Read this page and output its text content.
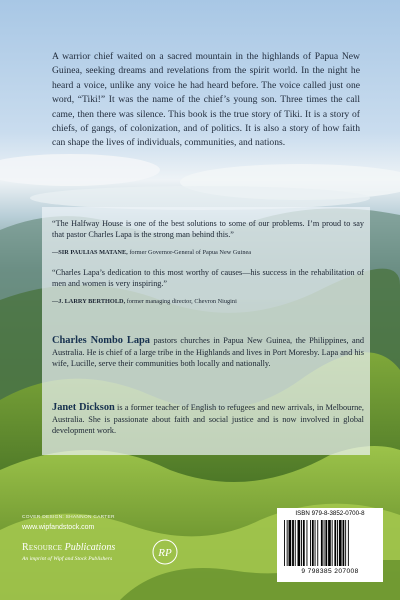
A warrior chief waited on a sacred mountain in the highlands of Papua New Guinea, seeking dreams and revelations from the spirit world. In the night he heard a voice, unlike any voice he had heard before. The voice called just one word, “Tiki!” It was the name of the chief’s young son. Three times the call came, then there was silence. This book is the true story of Tiki. It is a story of chiefs, of gangs, of colonization, and of politics. It is also a story of how faith can shape the lives of individuals, communities, and nations.

“The Halfway House is one of the best solutions to some of our problems. I’m proud to say that pastor Charles Lapa is the strong man behind this.”

—SIR PAULIAS MATANE, former Governor-General of Papua New Guinea

“Charles Lapa’s dedication to this most worthy of causes—his success in the rehabilitation of men and women is very inspiring.”

—J. LARRY BERTHOLD, former managing director, Chevron Niugini

Charles Nombo Lapa pastors churches in Papua New Guinea, the Philippines, and Australia. He is chief of a large tribe in the Highlands and lives in Port Moresby. Lapa and his wife, Lucille, serve their communities both locally and nationally.

Janet Dickson is a former teacher of English to refugees and new arrivals, in Melbourne, Australia. She is passionate about faith and social justice and is now involved in global development work.

COVER DESIGN: SHANNON CARTER

www.wipfandstock.com

Resource Publications

An imprint of Wipf and Stock Publishers	RP

ISBN 979-8-3852-0700-8

9 798385 207008
